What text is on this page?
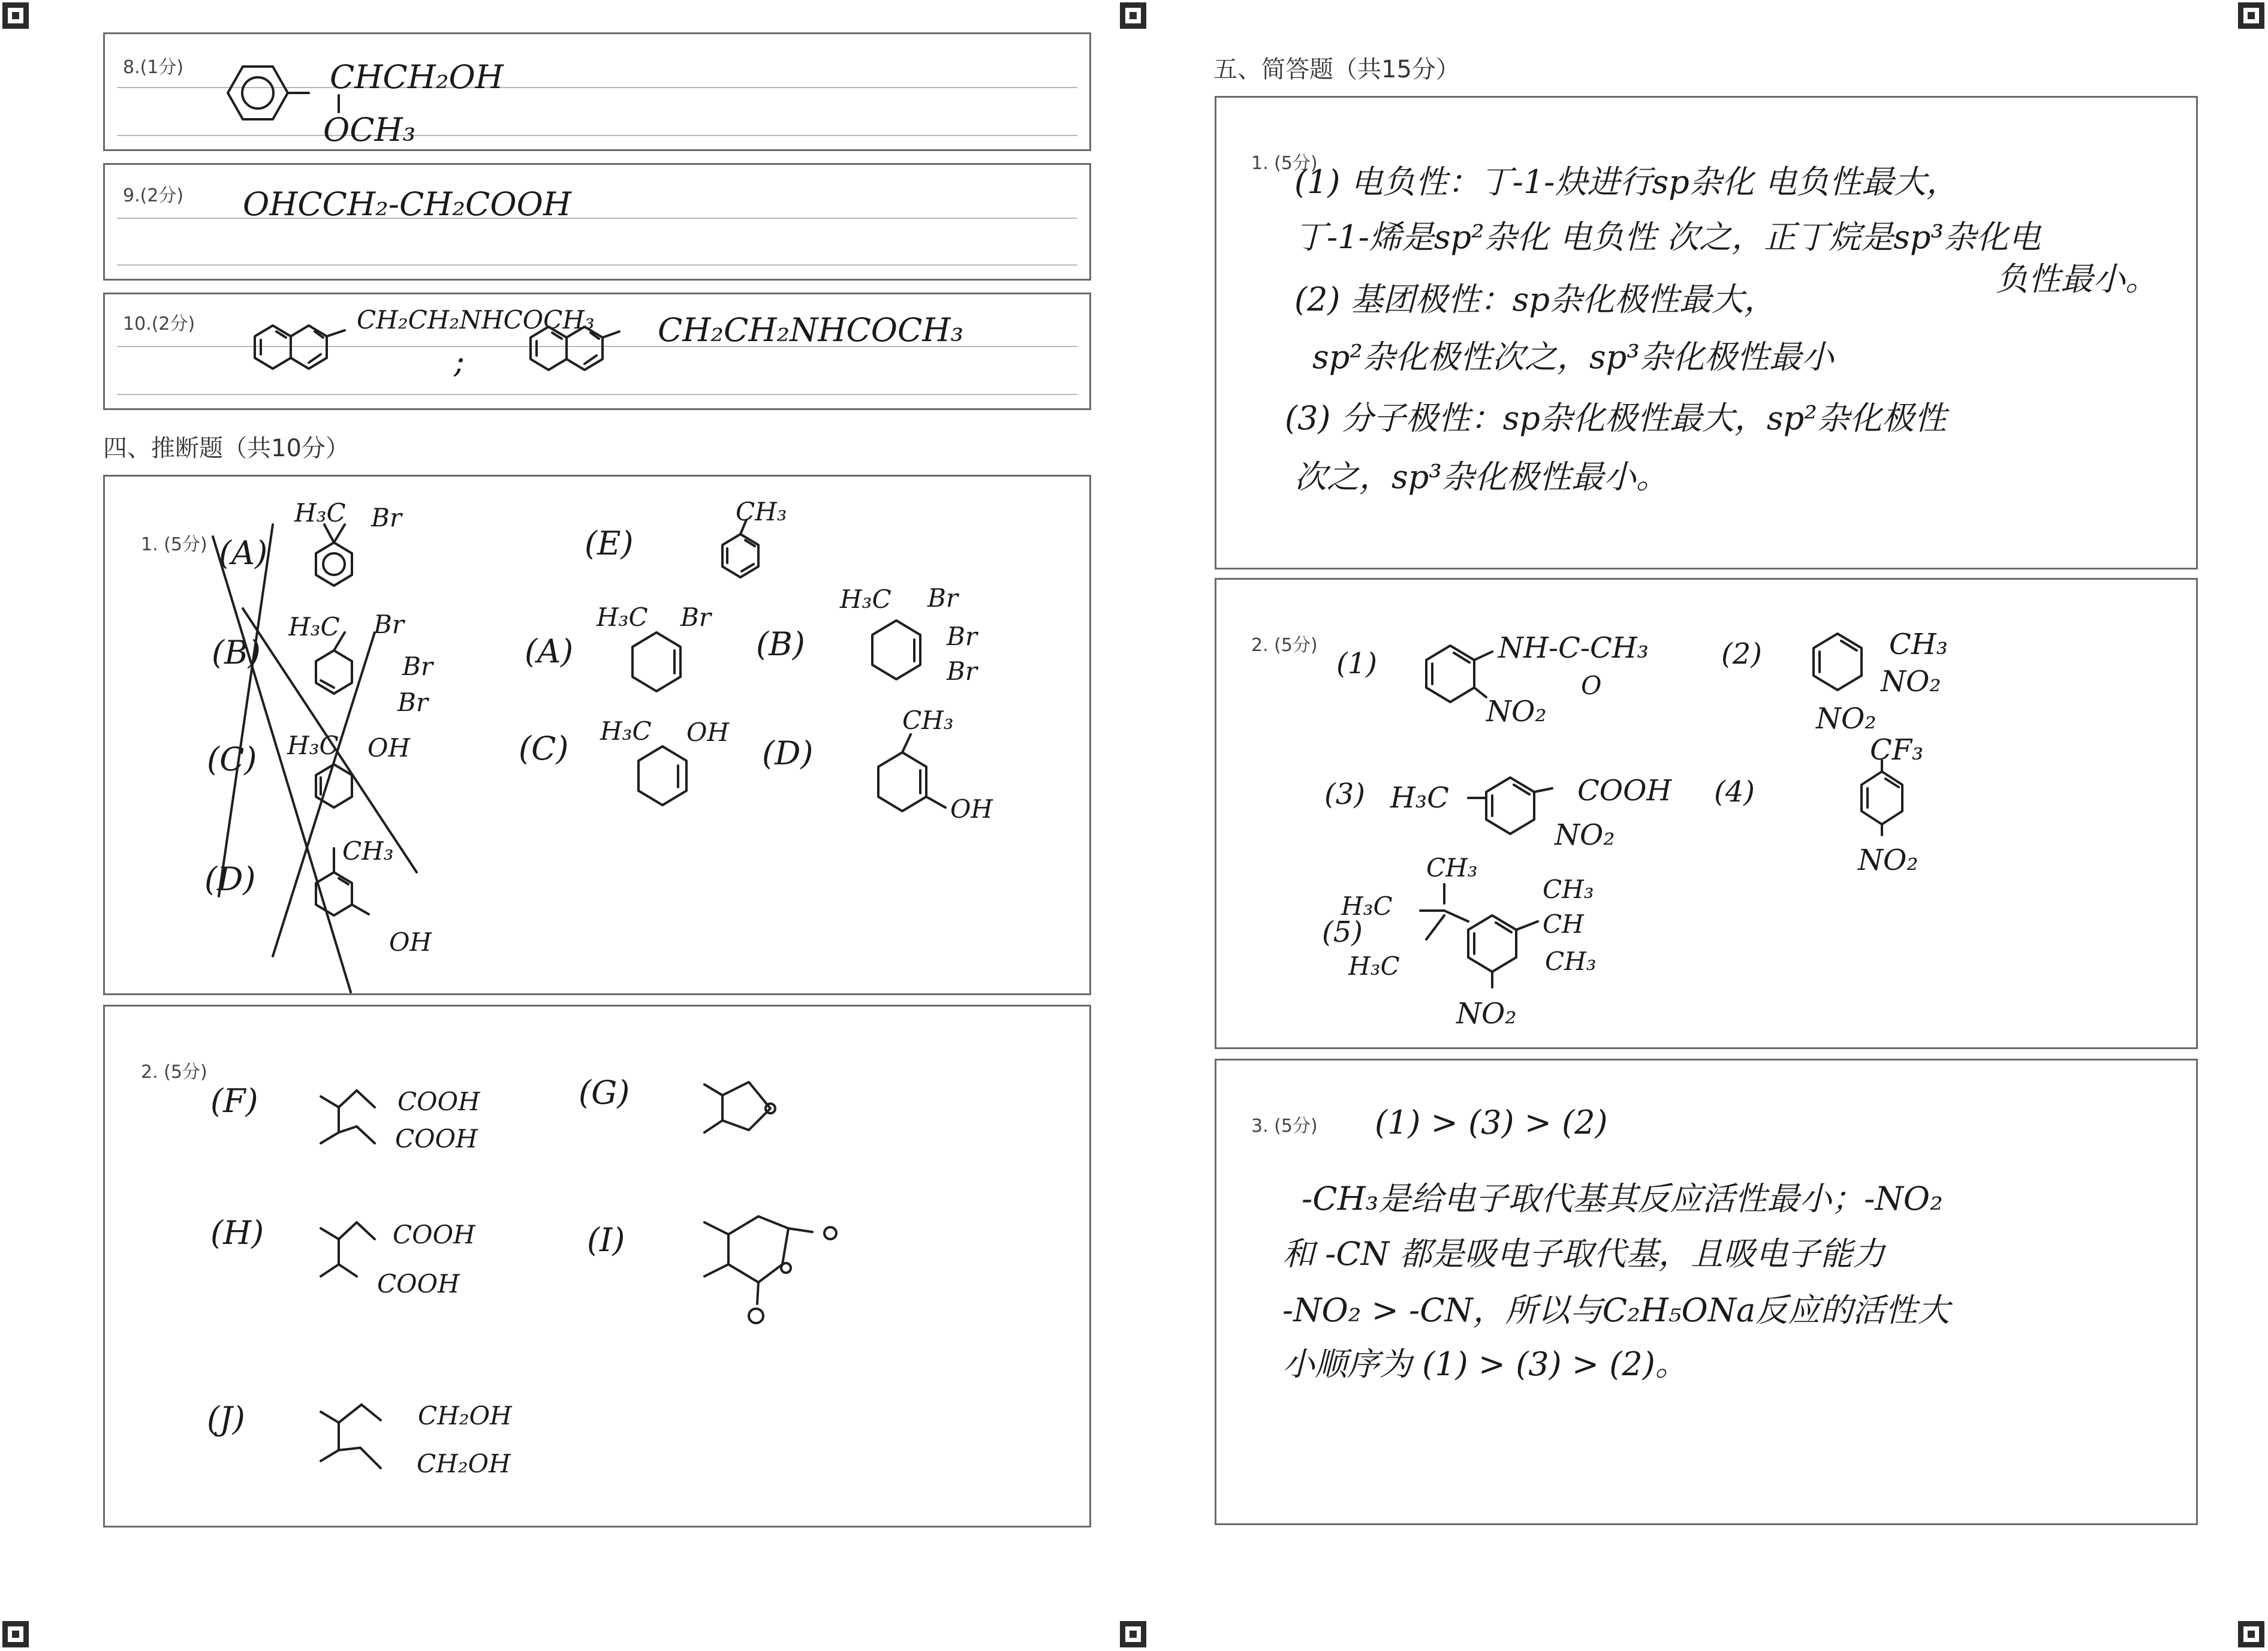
8.(1分)	CHCH₂OH
OCH₃
9.(2分) OHCCH₂-CH₂COOH
10.(2分)	CH₂CH₂NHCOCH₃
;
CH₂CH₂NHCOCH₃
四、推断题（共10分）
1. (5分) (A)
(B)
(C)
(D)
H₃C Br
H₃C Br
Br
Br
H₃C OH
CH₃
OH
(E)
CH₃
(A)
H₃C Br
(B)
H₃C Br
Br
Br
(C) H₃C OH
(D)
CH₃
OH
2. (5分)
(F)	COOH
COOH
(G)
(H)	COOH
COOH
(I)
(J)	CH₂OH
CH₂OH
五、简答题（共15分）
1. (5分)
(1) 电负性：丁-1-炔进行sp杂化 电负性最大，
丁-1-烯是sp²杂化 电负性 次之，正丁烷是sp³杂化电
负性最小。
(2) 基团极性：sp杂化极性最大，
sp²杂化极性次之，sp³杂化极性最小
(3) 分子极性：sp杂化极性最大，sp²杂化极性
次之，sp³杂化极性最小。
2. (5分)
(1)	NH-C-CH₃
O
NO₂
(2)	CH₃
NO₂
NO₂
(3) H₃C	COOH
NO₂
(4)
CF₃
NO₂
CH₃
H₃C
(5)
H₃C
CH₃
CH
CH₃
NO₂
3. (5分) (1) > (3) > (2)
-CH₃是给电子取代基其反应活性最小；-NO₂
和 -CN 都是吸电子取代基，且吸电子能力
-NO₂ > -CN，所以与C₂H₅ONa反应的活性大
小顺序为 (1) > (3) > (2)。
